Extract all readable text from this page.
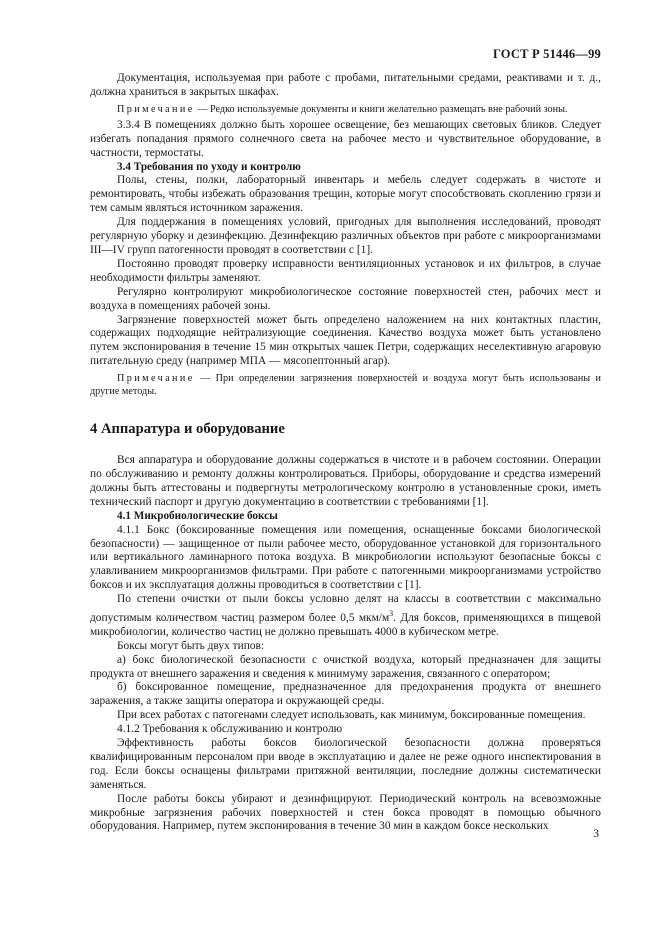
ГОСТ Р 51446—99

Документация, используемая при работе с пробами, питательными средами, реактивами и т. д., должна храниться в закрытых шкафах.

Примечание — Редко используемые документы и книги желательно размещать вне рабочий зоны.

3.3.4 В помещениях должно быть хорошее освещение, без мешающих световых бликов. Следует избегать попадания прямого солнечного света на рабочее место и чувствительное оборудование, в частности, термостаты.

3.4 Требования по уходу и контролю

Полы, стены, полки, лабораторный инвентарь и мебель следует содержать в чистоте и ремонтировать, чтобы избежать образования трещин, которые могут способствовать скоплению грязи и тем самым являться источником заражения.

Для поддержания в помещениях условий, пригодных для выполнения исследований, проводят регулярную уборку и дезинфекцию. Дезинфекцию различных объектов при работе с микроорганизмами III—IV групп патогенности проводят в соответствии с [1].

Постоянно проводят проверку исправности вентиляционных установок и их фильтров, в случае необходимости фильтры заменяют.

Регулярно контролируют микробиологическое состояние поверхностей стен, рабочих мест и воздуха в помещениях рабочей зоны.

Загрязнение поверхностей может быть определено наложением на них контактных пластин, содержащих подходящие нейтрализующие соединения. Качество воздуха может быть установлено путем экспонирования в течение 15 мин открытых чашек Петри, содержащих неселективную агаровую питательную среду (например МПА — мясопептонный агар).

Примечание — При определении загрязнения поверхностей и воздуха могут быть использованы и другие методы.

4 Аппаратура и оборудование

Вся аппаратура и оборудование должны содержаться в чистоте и в рабочем состоянии. Операции по обслуживанию и ремонту должны контролироваться. Приборы, оборудование и средства измерений должны быть аттестованы и подвергнуты метрологическому контролю в установленные сроки, иметь технический паспорт и другую документацию в соответствии с требованиями [1].

4.1 Микробиологические боксы

4.1.1 Бокс (боксированные помещения или помещения, оснащенные боксами биологической безопасности) — защищенное от пыли рабочее место, оборудованное установкой для горизонтального или вертикального ламинарного потока воздуха. В микробиологии используют безопасные боксы с улавливанием микроорганизмов фильтрами. При работе с патогенными микроорганизмами устройство боксов и их эксплуатация должны проводиться в соответствии с [1].

По степени очистки от пыли боксы условно делят на классы в соответствии с максимально допустимым количеством частиц размером более 0,5 мкм/$м^3$. Для боксов, применяющихся в пищевой микробиологии, количество частиц не должно превышать 4000 в кубическом метре.

Боксы могут быть двух типов:

а) бокс биологической безопасности с очисткой воздуха, который предназначен для защиты продукта от внешнего заражения и сведения к минимуму заражения, связанного с оператором;

б) боксированное помещение, предназначенное для предохранения продукта от внешнего заражения, а также защиты оператора и окружающей среды.

При всех работах с патогенами следует использовать, как минимум, боксированные помещения.

4.1.2 Требования к обслуживанию и контролю

Эффективность работы боксов биологической безопасности должна проверяться квалифицированным персоналом при вводе в эксплуатацию и далее не реже одного инспектирования в год. Если боксы оснащены фильтрами притяжной вентиляции, последние должны систематически заменяться.

После работы боксы убирают и дезинфицируют. Периодический контроль на всевозможные микробные загрязнения рабочих поверхностей и стен бокса проводят в помощью обычного оборудования. Например, путем экспонирования в течение 30 мин в каждом боксе нескольких

3
